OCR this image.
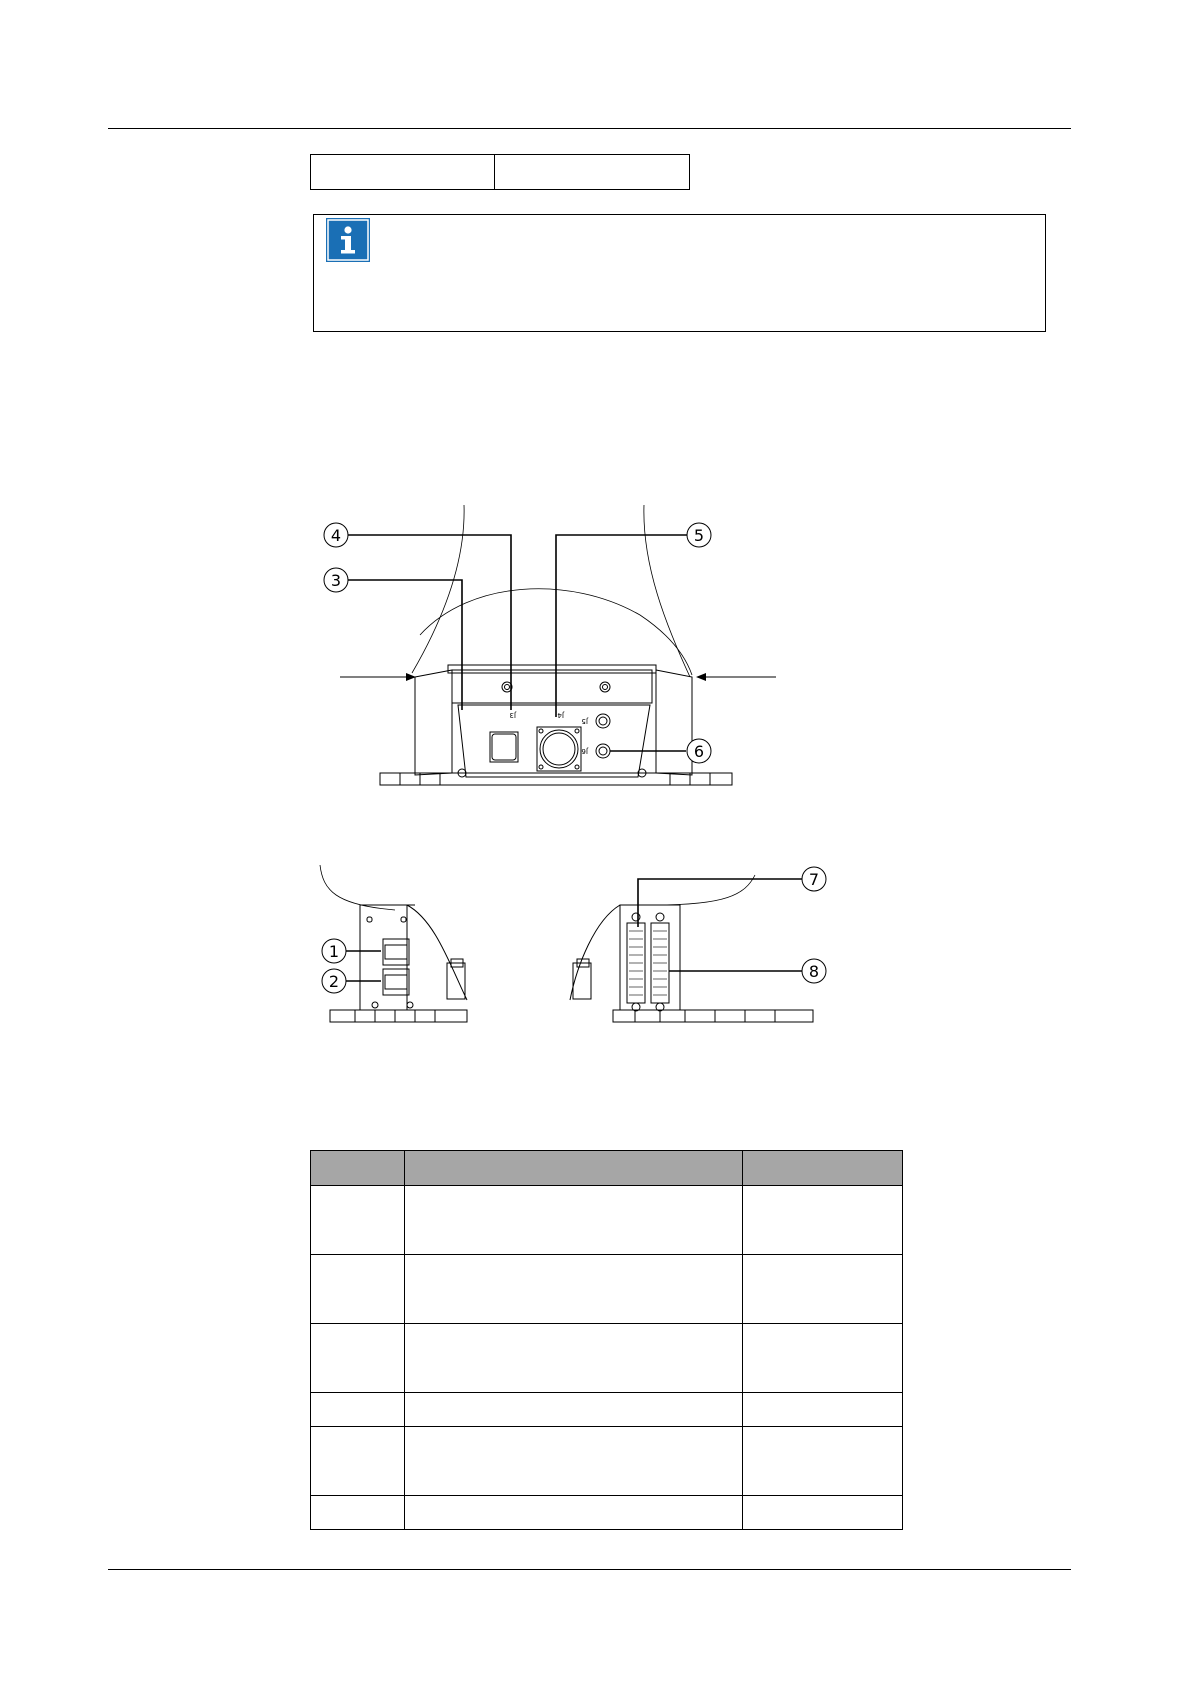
J3	J4
J5
J6
4
3
5
6
1
2
7
8
